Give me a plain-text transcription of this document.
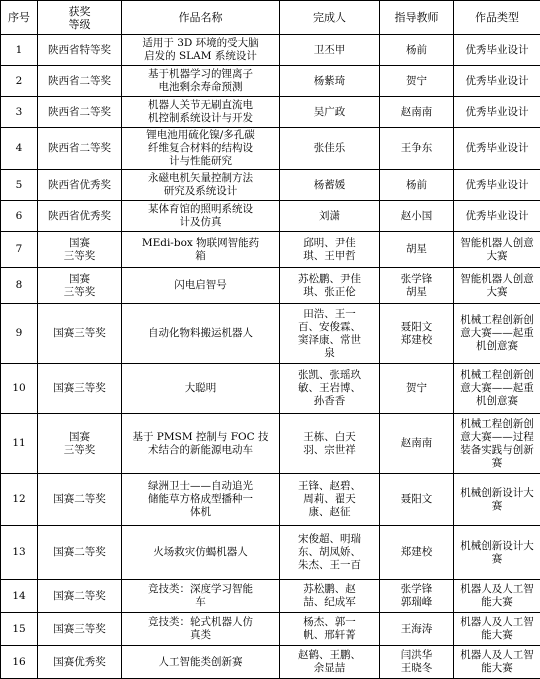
序号	获奖
等级	作品名称	完成人	指导教师	作品类型
1	陕西省特等奖	适用于 3D 环境的受大脑
启发的 SLAM 系统设计	卫丕甲	杨前	优秀毕业设计
2	陕西省二等奖	基于机器学习的锂离子
电池剩余寿命预测	杨紫琦	贺宁	优秀毕业设计
3	陕西省二等奖	机器人关节无刷直流电
机控制系统设计与开发	吴广政	赵南南	优秀毕业设计
4	陕西省二等奖	锂电池用硫化镍/多孔碳
纤维复合材料的结构设
计与性能研究	张佳乐	王争东	优秀毕业设计
5	陕西省优秀奖	永磁电机矢量控制方法
研究及系统设计	杨蓄媛	杨前	优秀毕业设计
6	陕西省优秀奖	某体育馆的照明系统设
计及仿真	刘潇	赵小国	优秀毕业设计
7	国赛
三等奖	MEdi-box 物联网智能药
箱	邱明、尹佳
琪、王甲哲	胡星	智能机器人创意
大赛
8	国赛
三等奖	闪电启智号	苏松鹏、尹佳
琪、张正伦	张学锋
胡星	智能机器人创意
大赛
9	国赛三等奖	自动化物料搬运机器人	田浩、王一
百、安俊霖、
窦泽康、常世
泉	聂阳文
郑建校	机械工程创新创
意大赛——起重
机创意赛
10	国赛三等奖	大聪明	张凯、张瑶玖
敏、王岩博、
孙香香	贺宁	机械工程创新创
意大赛——起重
机创意赛
11	国赛
三等奖	基于 PMSM 控制与 FOC 技
术结合的新能源电动车	王栋、白天
羽、宗世祥	赵南南	机械工程创新创
意大赛——过程
装备实践与创新
赛
12	国赛二等奖	绿洲卫士——自动追光
储能草方格成型播种一
体机	王锋、赵碧、
周莉、翟天
康、赵征	聂阳文	机械创新设计大
赛
13	国赛二等奖	火场救灾仿蝎机器人	宋俊超、明瑞
东、胡凤娇、
朱杰、王一百	郑建校	机械创新设计大
赛
14	国赛二等奖	竞技类：深度学习智能
车	苏松鹏、赵
喆、纪成军	张学锋
郭瑞峰	机器人及人工智
能大赛
15	国赛三等奖	竞技类：轮式机器人仿
真类	杨杰、郭一
帆、邢轩菁	王海涛	机器人及人工智
能大赛
16	国赛优秀奖	人工智能类创新赛	赵鹤、王鹏、
余显喆	闫洪华
王晓冬	机器人及人工智
能大赛
